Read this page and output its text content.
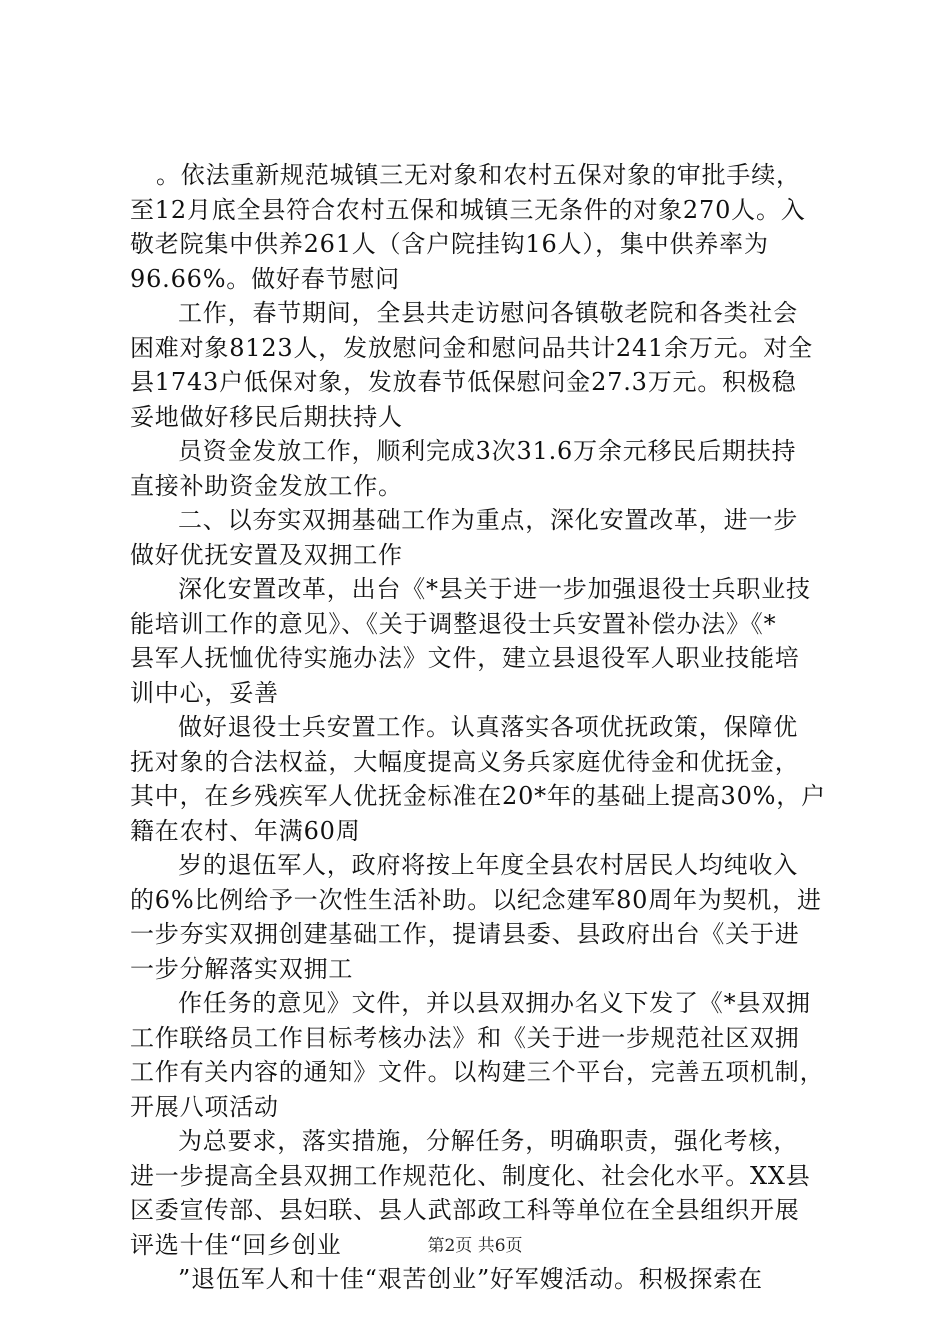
。依法重新规范城镇三无对象和农村五保对象的审批手续，
至12月底全县符合农村五保和城镇三无条件的对象270人。入
敬老院集中供养261人（含户院挂钩16人），集中供养率为
96.66%。做好春节慰问
工作，春节期间，全县共走访慰问各镇敬老院和各类社会
困难对象8123人，发放慰问金和慰问品共计241余万元。对全
县1743户低保对象，发放春节低保慰问金27.3万元。积极稳
妥地做好移民后期扶持人
员资金发放工作，顺利完成3次31.6万余元移民后期扶持
直接补助资金发放工作。
二、以夯实双拥基础工作为重点，深化安置改革，进一步
做好优抚安置及双拥工作
深化安置改革，出台《*县关于进一步加强退役士兵职业技
能培训工作的意见》、《关于调整退役士兵安置补偿办法》《*
县军人抚恤优待实施办法》文件，建立县退役军人职业技能培
训中心，妥善
做好退役士兵安置工作。认真落实各项优抚政策，保障优
抚对象的合法权益，大幅度提高义务兵家庭优待金和优抚金，
其中，在乡残疾军人优抚金标准在20*年的基础上提高30%，户
籍在农村、年满60周
岁的退伍军人，政府将按上年度全县农村居民人均纯收入
的6%比例给予一次性生活补助。以纪念建军80周年为契机，进
一步夯实双拥创建基础工作，提请县委、县政府出台《关于进
一步分解落实双拥工
作任务的意见》文件，并以县双拥办名义下发了《*县双拥
工作联络员工作目标考核办法》和《关于进一步规范社区双拥
工作有关内容的通知》文件。以构建三个平台，完善五项机制，
开展八项活动
为总要求，落实措施，分解任务，明确职责，强化考核，
进一步提高全县双拥工作规范化、制度化、社会化水平。XX县
区委宣传部、县妇联、县人武部政工科等单位在全县组织开展
评选十佳“回乡创业
”退伍军人和十佳“艰苦创业”好军嫂活动。积极探索在
第2页 共6页
